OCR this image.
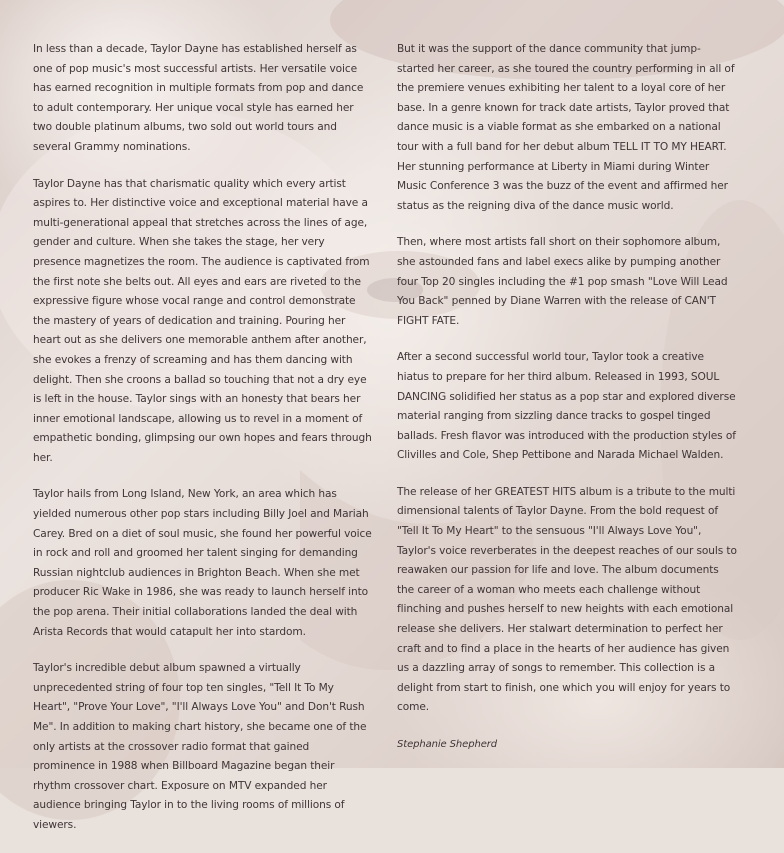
In less than a decade, Taylor Dayne has established herself as one of pop music's most successful artists. Her versatile voice has earned recognition in multiple formats from pop and dance to adult contemporary. Her unique vocal style has earned her two double platinum albums, two sold out world tours and several Grammy nominations.

Taylor Dayne has that charismatic quality which every artist aspires to. Her distinctive voice and exceptional material have a multi-generational appeal that stretches across the lines of age, gender and culture. When she takes the stage, her very presence magnetizes the room. The audience is captivated from the first note she belts out. All eyes and ears are riveted to the expressive figure whose vocal range and control demonstrate the mastery of years of dedication and training. Pouring her heart out as she delivers one memorable anthem after another, she evokes a frenzy of screaming and has them dancing with delight. Then she croons a ballad so touching that not a dry eye is left in the house. Taylor sings with an honesty that bears her inner emotional landscape, allowing us to revel in a moment of empathetic bonding, glimpsing our own hopes and fears through her.

Taylor hails from Long Island, New York, an area which has yielded numerous other pop stars including Billy Joel and Mariah Carey. Bred on a diet of soul music, she found her powerful voice in rock and roll and groomed her talent singing for demanding Russian nightclub audiences in Brighton Beach. When she met producer Ric Wake in 1986, she was ready to launch herself into the pop arena. Their initial collaborations landed the deal with Arista Records that would catapult her into stardom.

Taylor's incredible debut album spawned a virtually unprecedented string of four top ten singles, "Tell It To My Heart", "Prove Your Love", "I'll Always Love You" and Don't Rush Me". In addition to making chart history, she became one of the only artists at the crossover radio format that gained prominence in 1988 when Billboard Magazine began their rhythm crossover chart. Exposure on MTV expanded her audience bringing Taylor in to the living rooms of millions of viewers.

But it was the support of the dance community that jump-started her career, as she toured the country performing in all of the premiere venues exhibiting her talent to a loyal core of her base. In a genre known for track date artists, Taylor proved that dance music is a viable format as she embarked on a national tour with a full band for her debut album TELL IT TO MY HEART. Her stunning performance at Liberty in Miami during Winter Music Conference 3 was the buzz of the event and affirmed her status as the reigning diva of the dance music world.

Then, where most artists fall short on their sophomore album, she astounded fans and label execs alike by pumping another four Top 20 singles including the #1 pop smash "Love Will Lead You Back" penned by Diane Warren with the release of CAN'T FIGHT FATE.

After a second successful world tour, Taylor took a creative hiatus to prepare for her third album. Released in 1993, SOUL DANCING solidified her status as a pop star and explored diverse material ranging from sizzling dance tracks to gospel tinged ballads. Fresh flavor was introduced with the production styles of Clivilles and Cole, Shep Pettibone and Narada Michael Walden.

The release of her GREATEST HITS album is a tribute to the multi dimensional talents of Taylor Dayne. From the bold request of "Tell It To My Heart" to the sensuous "I'll Always Love You", Taylor's voice reverberates in the deepest reaches of our souls to reawaken our passion for life and love. The album documents the career of a woman who meets each challenge without flinching and pushes herself to new heights with each emotional release she delivers. Her stalwart determination to perfect her craft and to find a place in the hearts of her audience has given us a dazzling array of songs to remember. This collection is a delight from start to finish, one which you will enjoy for years to come.

Stephanie Shepherd
